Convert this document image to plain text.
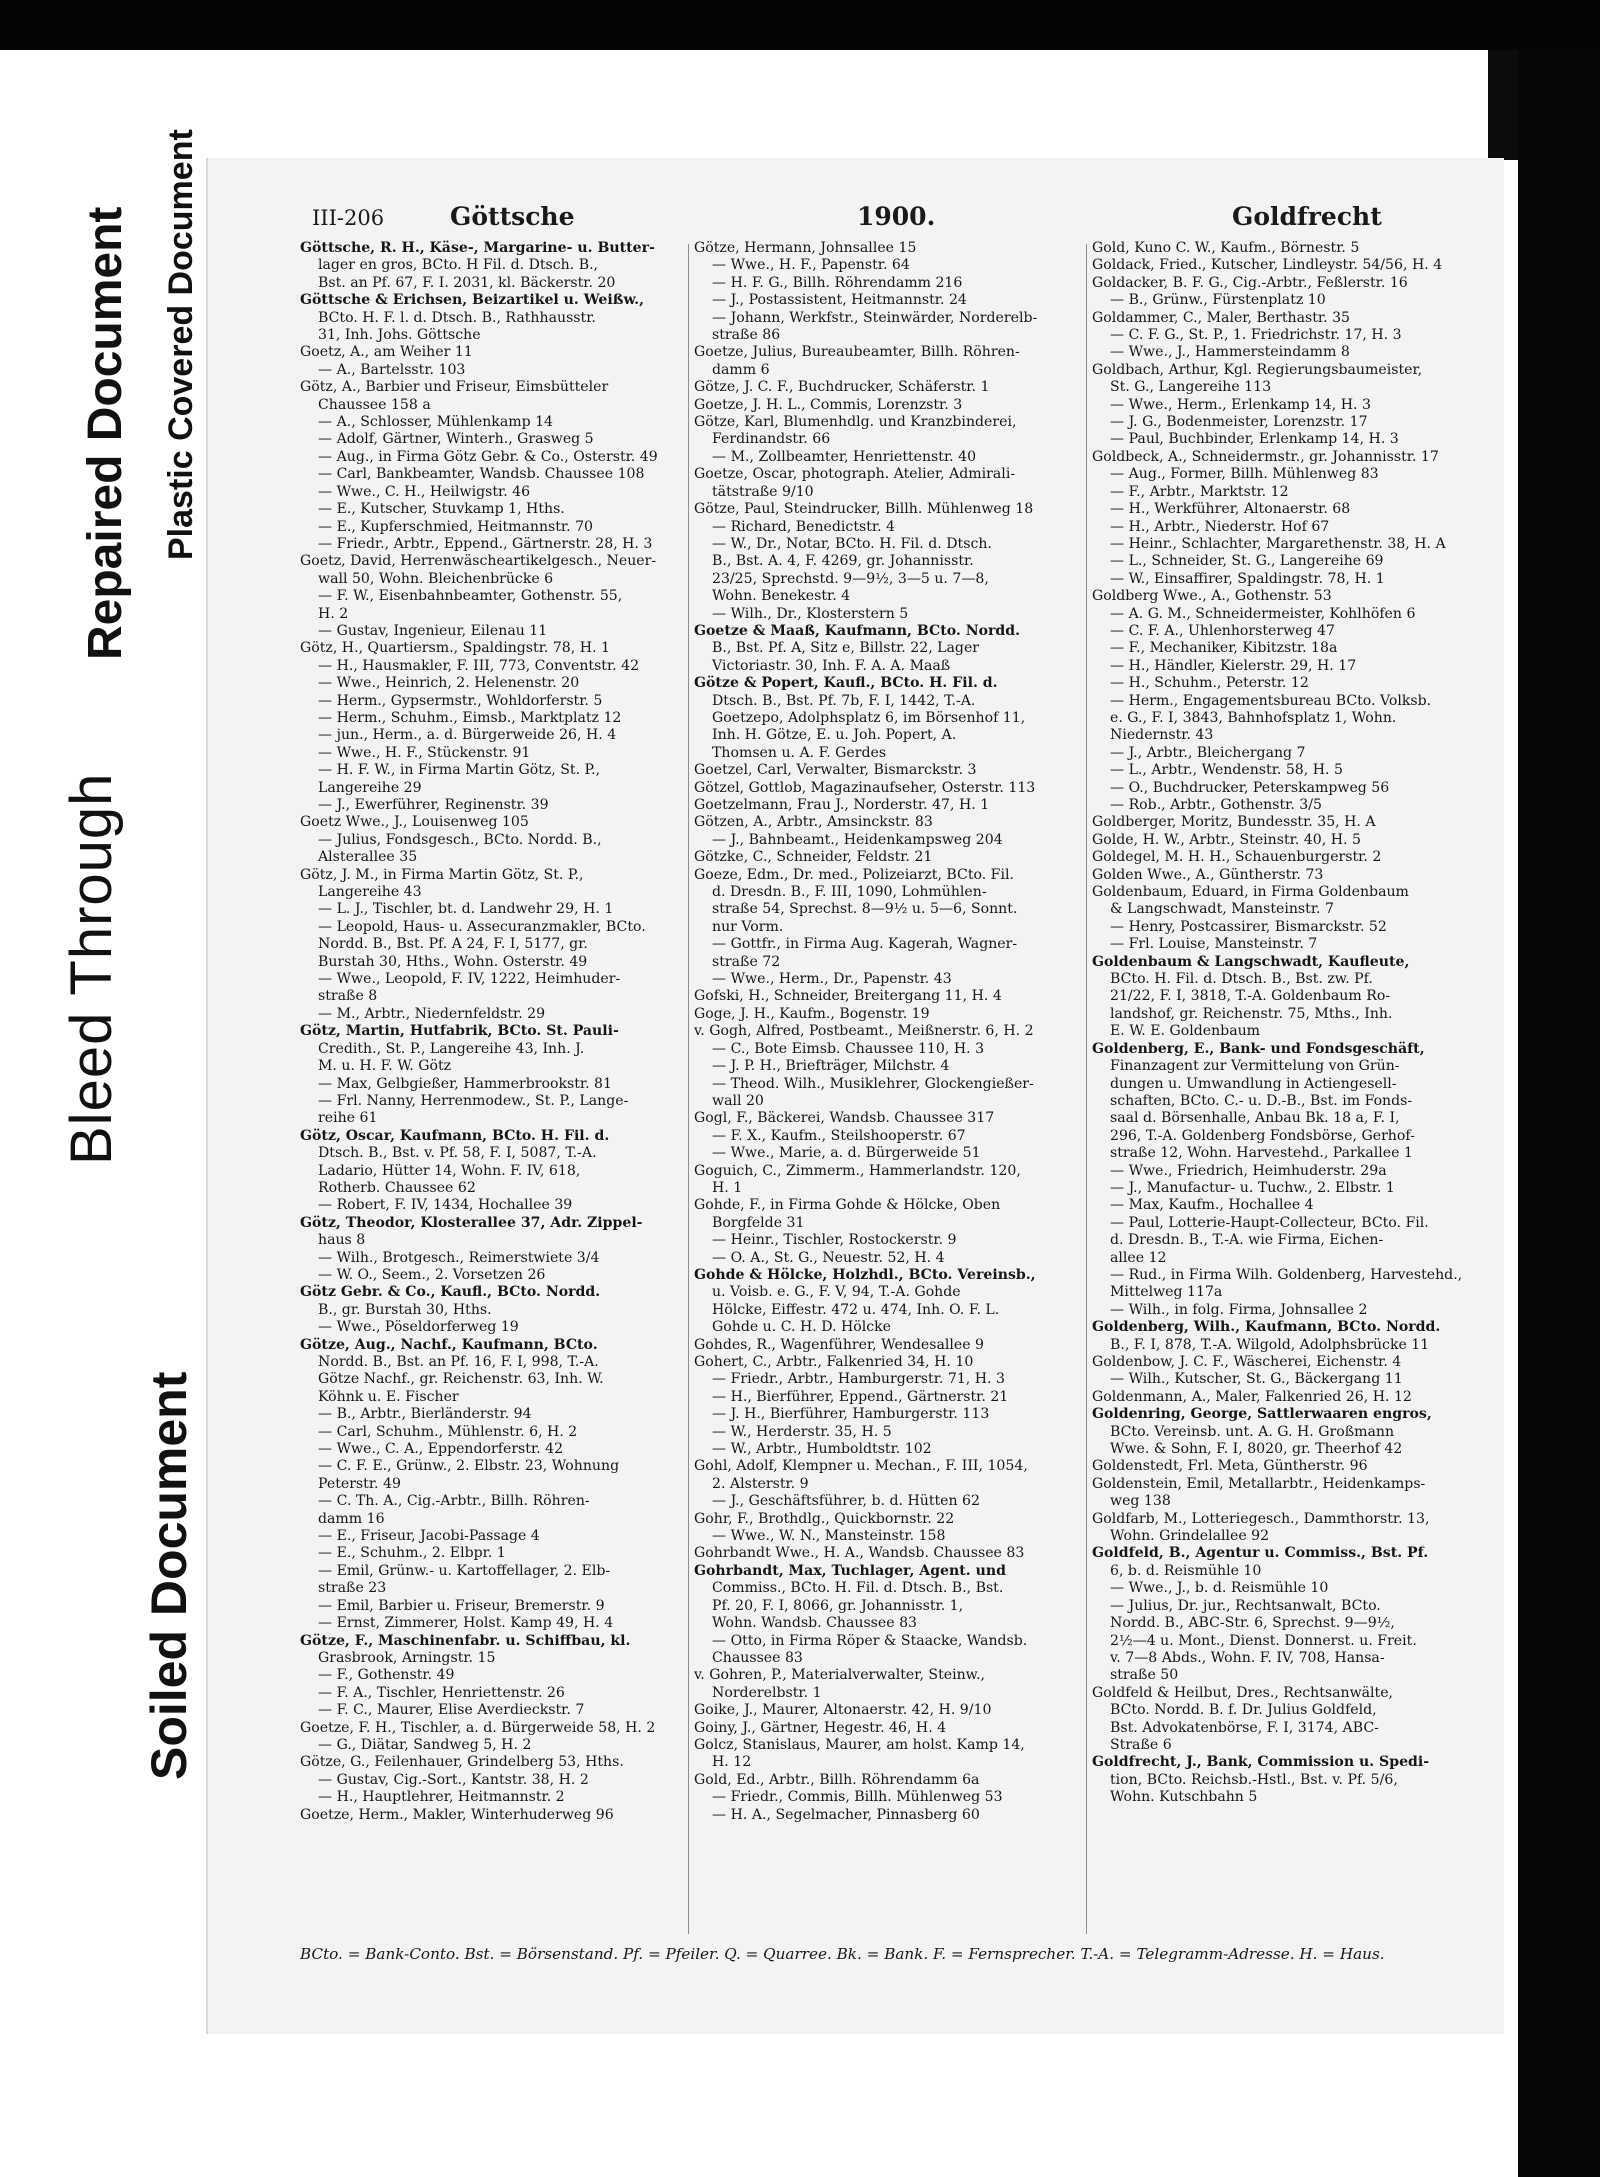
Bleed Through
Repaired Document Plastic Covered Document
Soiled Document
III-206	Göttsche	1900.	Goldfrecht

Göttsche, R. H., Käse-, Margarine- u. Butter-

lager en gros, BCto. H Fil. d. Dtsch. B.,

Bst. an Pf. 67, F. I. 2031, kl. Bäckerstr. 20

Göttsche & Erichsen, Beizartikel u. Weißw.,

BCto. H. F. l. d. Dtsch. B., Rathhausstr.

31, Inh. Johs. Göttsche

Goetz, A., am Weiher 11

— A., Bartelsstr. 103

Götz, A., Barbier und Friseur, Eimsbütteler

Chaussee 158 a

— A., Schlosser, Mühlenkamp 14

— Adolf, Gärtner, Winterh., Grasweg 5

— Aug., in Firma Götz Gebr. & Co., Osterstr. 49

— Carl, Bankbeamter, Wandsb. Chaussee 108

— Wwe., C. H., Heilwigstr. 46

— E., Kutscher, Stuvkamp 1, Hths.

— E., Kupferschmied, Heitmannstr. 70

— Friedr., Arbtr., Eppend., Gärtnerstr. 28, H. 3

Goetz, David, Herrenwäscheartikelgesch., Neuer-

wall 50, Wohn. Bleichenbrücke 6

— F. W., Eisenbahnbeamter, Gothenstr. 55,

H. 2

— Gustav, Ingenieur, Eilenau 11

Götz, H., Quartiersm., Spaldingstr. 78, H. 1

— H., Hausmakler, F. III, 773, Conventstr. 42

— Wwe., Heinrich, 2. Helenenstr. 20

— Herm., Gypsermstr., Wohldorferstr. 5

— Herm., Schuhm., Eimsb., Marktplatz 12

— jun., Herm., a. d. Bürgerweide 26, H. 4

— Wwe., H. F., Stückenstr. 91

— H. F. W., in Firma Martin Götz, St. P.,

Langereihe 29

— J., Ewerführer, Reginenstr. 39

Goetz Wwe., J., Louisenweg 105

— Julius, Fondsgesch., BCto. Nordd. B.,

Alsterallee 35

Götz, J. M., in Firma Martin Götz, St. P.,

Langereihe 43

— L. J., Tischler, bt. d. Landwehr 29, H. 1

— Leopold, Haus- u. Assecuranzmakler, BCto.

Nordd. B., Bst. Pf. A 24, F. I, 5177, gr.

Burstah 30, Hths., Wohn. Osterstr. 49

— Wwe., Leopold, F. IV, 1222, Heimhuder-

straße 8

— M., Arbtr., Niedernfeldstr. 29

Götz, Martin, Hutfabrik, BCto. St. Pauli-

Credith., St. P., Langereihe 43, Inh. J.

M. u. H. F. W. Götz

— Max, Gelbgießer, Hammerbrookstr. 81

— Frl. Nanny, Herrenmodew., St. P., Lange-

reihe 61

Götz, Oscar, Kaufmann, BCto. H. Fil. d.

Dtsch. B., Bst. v. Pf. 58, F. I, 5087, T.-A.

Ladario, Hütter 14, Wohn. F. IV, 618,

Rotherb. Chaussee 62

— Robert, F. IV, 1434, Hochallee 39

Götz, Theodor, Klosterallee 37, Adr. Zippel-

haus 8

— Wilh., Brotgesch., Reimerstwiete 3/4

— W. O., Seem., 2. Vorsetzen 26

Götz Gebr. & Co., Kaufl., BCto. Nordd.

B., gr. Burstah 30, Hths.

— Wwe., Pöseldorferweg 19

Götze, Aug., Nachf., Kaufmann, BCto.

Nordd. B., Bst. an Pf. 16, F. I, 998, T.-A.

Götze Nachf., gr. Reichenstr. 63, Inh. W.

Köhnk u. E. Fischer

— B., Arbtr., Bierländerstr. 94

— Carl, Schuhm., Mühlenstr. 6, H. 2

— Wwe., C. A., Eppendorferstr. 42

— C. F. E., Grünw., 2. Elbstr. 23, Wohnung

Peterstr. 49

— C. Th. A., Cig.-Arbtr., Billh. Röhren-

damm 16

— E., Friseur, Jacobi-Passage 4

— E., Schuhm., 2. Elbpr. 1

— Emil, Grünw.- u. Kartoffellager, 2. Elb-

straße 23

— Emil, Barbier u. Friseur, Bremerstr. 9

— Ernst, Zimmerer, Holst. Kamp 49, H. 4

Götze, F., Maschinenfabr. u. Schiffbau, kl.

Grasbrook, Arningstr. 15

— F., Gothenstr. 49

— F. A., Tischler, Henriettenstr. 26

— F. C., Maurer, Elise Averdieckstr. 7

Goetze, F. H., Tischler, a. d. Bürgerweide 58, H. 2

— G., Diätar, Sandweg 5, H. 2

Götze, G., Feilenhauer, Grindelberg 53, Hths.

— Gustav, Cig.-Sort., Kantstr. 38, H. 2

— H., Hauptlehrer, Heitmannstr. 2

Goetze, Herm., Makler, Winterhuderweg 96

Götze, Hermann, Johnsallee 15

— Wwe., H. F., Papenstr. 64

— H. F. G., Billh. Röhrendamm 216

— J., Postassistent, Heitmannstr. 24

— Johann, Werkfstr., Steinwärder, Norderelb-

straße 86

Goetze, Julius, Bureaubeamter, Billh. Röhren-

damm 6

Götze, J. C. F., Buchdrucker, Schäferstr. 1

Goetze, J. H. L., Commis, Lorenzstr. 3

Götze, Karl, Blumenhdlg. und Kranzbinderei,

Ferdinandstr. 66

— M., Zollbeamter, Henriettenstr. 40

Goetze, Oscar, photograph. Atelier, Admirali-

tätstraße 9/10

Götze, Paul, Steindrucker, Billh. Mühlenweg 18

— Richard, Benedictstr. 4

— W., Dr., Notar, BCto. H. Fil. d. Dtsch.

B., Bst. A. 4, F. 4269, gr. Johannisstr.

23/25, Sprechstd. 9—9½, 3—5 u. 7—8,

Wohn. Benekestr. 4

— Wilh., Dr., Klosterstern 5

Goetze & Maaß, Kaufmann, BCto. Nordd.

B., Bst. Pf. A, Sitz e, Billstr. 22, Lager

Victoriastr. 30, Inh. F. A. A. Maaß

Götze & Popert, Kaufl., BCto. H. Fil. d.

Dtsch. B., Bst. Pf. 7b, F. I, 1442, T.-A.

Goetzepo, Adolphsplatz 6, im Börsenhof 11,

Inh. H. Götze, E. u. Joh. Popert, A.

Thomsen u. A. F. Gerdes

Goetzel, Carl, Verwalter, Bismarckstr. 3

Götzel, Gottlob, Magazinaufseher, Osterstr. 113

Goetzelmann, Frau J., Norderstr. 47, H. 1

Götzen, A., Arbtr., Amsinckstr. 83

— J., Bahnbeamt., Heidenkampsweg 204

Götzke, C., Schneider, Feldstr. 21

Goeze, Edm., Dr. med., Polizeiarzt, BCto. Fil.

d. Dresdn. B., F. III, 1090, Lohmühlen-

straße 54, Sprechst. 8—9½ u. 5—6, Sonnt.

nur Vorm.

— Gottfr., in Firma Aug. Kagerah, Wagner-

straße 72

— Wwe., Herm., Dr., Papenstr. 43

Gofski, H., Schneider, Breitergang 11, H. 4

Goge, J. H., Kaufm., Bogenstr. 19

v. Gogh, Alfred, Postbeamt., Meißnerstr. 6, H. 2

— C., Bote Eimsb. Chaussee 110, H. 3

— J. P. H., Briefträger, Milchstr. 4

— Theod. Wilh., Musiklehrer, Glockengießer-

wall 20

Gogl, F., Bäckerei, Wandsb. Chaussee 317

— F. X., Kaufm., Steilshooperstr. 67

— Wwe., Marie, a. d. Bürgerweide 51

Goguich, C., Zimmerm., Hammerlandstr. 120,

H. 1

Gohde, F., in Firma Gohde & Hölcke, Oben

Borgfelde 31

— Heinr., Tischler, Rostockerstr. 9

— O. A., St. G., Neuestr. 52, H. 4

Gohde & Hölcke, Holzhdl., BCto. Vereinsb.,

u. Voisb. e. G., F. V, 94, T.-A. Gohde

Hölcke, Eiffestr. 472 u. 474, Inh. O. F. L.

Gohde u. C. H. D. Hölcke

Gohdes, R., Wagenführer, Wendesallee 9

Gohert, C., Arbtr., Falkenried 34, H. 10

— Friedr., Arbtr., Hamburgerstr. 71, H. 3

— H., Bierführer, Eppend., Gärtnerstr. 21

— J. H., Bierführer, Hamburgerstr. 113

— W., Herderstr. 35, H. 5

— W., Arbtr., Humboldtstr. 102

Gohl, Adolf, Klempner u. Mechan., F. III, 1054,

2. Alsterstr. 9

— J., Geschäftsführer, b. d. Hütten 62

Gohr, F., Brothdlg., Quickbornstr. 22

— Wwe., W. N., Mansteinstr. 158

Gohrbandt Wwe., H. A., Wandsb. Chaussee 83

Gohrbandt, Max, Tuchlager, Agent. und

Commiss., BCto. H. Fil. d. Dtsch. B., Bst.

Pf. 20, F. I, 8066, gr. Johannisstr. 1,

Wohn. Wandsb. Chaussee 83

— Otto, in Firma Röper & Staacke, Wandsb.

Chaussee 83

v. Gohren, P., Materialverwalter, Steinw.,

Norderelbstr. 1

Goike, J., Maurer, Altonaerstr. 42, H. 9/10

Goiny, J., Gärtner, Hegestr. 46, H. 4

Golcz, Stanislaus, Maurer, am holst. Kamp 14,

H. 12

Gold, Ed., Arbtr., Billh. Röhrendamm 6a

— Friedr., Commis, Billh. Mühlenweg 53

— H. A., Segelmacher, Pinnasberg 60

Gold, Kuno C. W., Kaufm., Börnestr. 5

Goldack, Fried., Kutscher, Lindleystr. 54/56, H. 4

Goldacker, B. F. G., Cig.-Arbtr., Feßlerstr. 16

— B., Grünw., Fürstenplatz 10

Goldammer, C., Maler, Berthastr. 35

— C. F. G., St. P., 1. Friedrichstr. 17, H. 3

— Wwe., J., Hammersteindamm 8

Goldbach, Arthur, Kgl. Regierungsbaumeister,

St. G., Langereihe 113

— Wwe., Herm., Erlenkamp 14, H. 3

— J. G., Bodenmeister, Lorenzstr. 17

— Paul, Buchbinder, Erlenkamp 14, H. 3

Goldbeck, A., Schneidermstr., gr. Johannisstr. 17

— Aug., Former, Billh. Mühlenweg 83

— F., Arbtr., Marktstr. 12

— H., Werkführer, Altonaerstr. 68

— H., Arbtr., Niederstr. Hof 67

— Heinr., Schlachter, Margarethenstr. 38, H. A

— L., Schneider, St. G., Langereihe 69

— W., Einsaffirer, Spaldingstr. 78, H. 1

Goldberg Wwe., A., Gothenstr. 53

— A. G. M., Schneidermeister, Kohlhöfen 6

— C. F. A., Uhlenhorsterweg 47

— F., Mechaniker, Kibitzstr. 18a

— H., Händler, Kielerstr. 29, H. 17

— H., Schuhm., Peterstr. 12

— Herm., Engagementsbureau BCto. Volksb.

e. G., F. I, 3843, Bahnhofsplatz 1, Wohn.

Niedernstr. 43

— J., Arbtr., Bleichergang 7

— L., Arbtr., Wendenstr. 58, H. 5

— O., Buchdrucker, Peterskampweg 56

— Rob., Arbtr., Gothenstr. 3/5

Goldberger, Moritz, Bundesstr. 35, H. A

Golde, H. W., Arbtr., Steinstr. 40, H. 5

Goldegel, M. H. H., Schauenburgerstr. 2

Golden Wwe., A., Güntherstr. 73

Goldenbaum, Eduard, in Firma Goldenbaum

& Langschwadt, Mansteinstr. 7

— Henry, Postcassirer, Bismarckstr. 52

— Frl. Louise, Mansteinstr. 7

Goldenbaum & Langschwadt, Kaufleute,

BCto. H. Fil. d. Dtsch. B., Bst. zw. Pf.

21/22, F. I, 3818, T.-A. Goldenbaum Ro-

landshof, gr. Reichenstr. 75, Mths., Inh.

E. W. E. Goldenbaum

Goldenberg, E., Bank- und Fondsgeschäft,

Finanzagent zur Vermittelung von Grün-

dungen u. Umwandlung in Actiengesell-

schaften, BCto. C.- u. D.-B., Bst. im Fonds-

saal d. Börsenhalle, Anbau Bk. 18 a, F. I,

296, T.-A. Goldenberg Fondsbörse, Gerhof-

straße 12, Wohn. Harvestehd., Parkallee 1

— Wwe., Friedrich, Heimhuderstr. 29a

— J., Manufactur- u. Tuchw., 2. Elbstr. 1

— Max, Kaufm., Hochallee 4

— Paul, Lotterie-Haupt-Collecteur, BCto. Fil.

d. Dresdn. B., T.-A. wie Firma, Eichen-

allee 12

— Rud., in Firma Wilh. Goldenberg, Harvestehd.,

Mittelweg 117a

— Wilh., in folg. Firma, Johnsallee 2

Goldenberg, Wilh., Kaufmann, BCto. Nordd.

B., F. I, 878, T.-A. Wilgold, Adolphsbrücke 11

Goldenbow, J. C. F., Wäscherei, Eichenstr. 4

— Wilh., Kutscher, St. G., Bäckergang 11

Goldenmann, A., Maler, Falkenried 26, H. 12

Goldenring, George, Sattlerwaaren engros,

BCto. Vereinsb. unt. A. G. H. Großmann

Wwe. & Sohn, F. I, 8020, gr. Theerhof 42

Goldenstedt, Frl. Meta, Güntherstr. 96

Goldenstein, Emil, Metallarbtr., Heidenkamps-

weg 138

Goldfarb, M., Lotteriegesch., Dammthorstr. 13,

Wohn. Grindelallee 92

Goldfeld, B., Agentur u. Commiss., Bst. Pf.

6, b. d. Reismühle 10

— Wwe., J., b. d. Reismühle 10

— Julius, Dr. jur., Rechtsanwalt, BCto.

Nordd. B., ABC-Str. 6, Sprechst. 9—9½,

2½—4 u. Mont., Dienst. Donnerst. u. Freit.

v. 7—8 Abds., Wohn. F. IV, 708, Hansa-

straße 50

Goldfeld & Heilbut, Dres., Rechtsanwälte,

BCto. Nordd. B. f. Dr. Julius Goldfeld,

Bst. Advokatenbörse, F. I, 3174, ABC-

Straße 6

Goldfrecht, J., Bank, Commission u. Spedi-

tion, BCto. Reichsb.-Hstl., Bst. v. Pf. 5/6,

Wohn. Kutschbahn 5

BCto. = Bank-Conto. Bst. = Börsenstand. Pf. = Pfeiler. Q. = Quarree. Bk. = Bank. F. = Fernsprecher. T.-A. = Telegramm-Adresse. H. = Haus.
